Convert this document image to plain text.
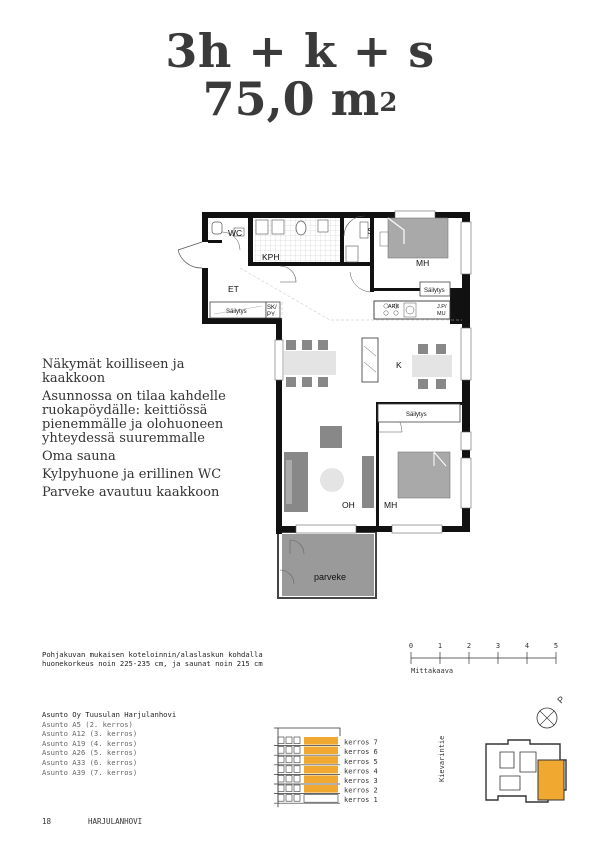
3h + k + s
75,0 $m^2$
WC
KPH
S
MH
ET
K
OH	MH
parveke
Säilytys
SK/
PY
Säilytys
ARK	J.P/
MU
Säilytys
Näkymät koilliseen ja kaakkoon
Asunnossa on tilaa kahdelle ruokapöydälle: keittiössä pienemmälle ja olohuoneen yhteydessä suuremmalle
Oma sauna
Kylpyhuone ja erillinen WC
Parveke avautuu kaakkoon
Pohjakuvan mukaisen koteloinnin/alaslaskun kohdalla
huonekorkeus noin 225-235 cm, ja saunat noin 215 cm
0	1	2	3	4	5
Mittakaava
Asunto Oy Tuusulan Harjulanhovi
Asunto A5 (2. kerros)
Asunto A12 (3. kerros)
Asunto A19 (4. kerros)
Asunto A26 (5. kerros)
Asunto A33 (6. kerros)
Asunto A39 (7. kerros)
kerros 7
kerros 6
kerros 5
kerros 4
kerros 3
kerros 2
kerros 1
P
Kievarintie
18	HARJULANHOVI
